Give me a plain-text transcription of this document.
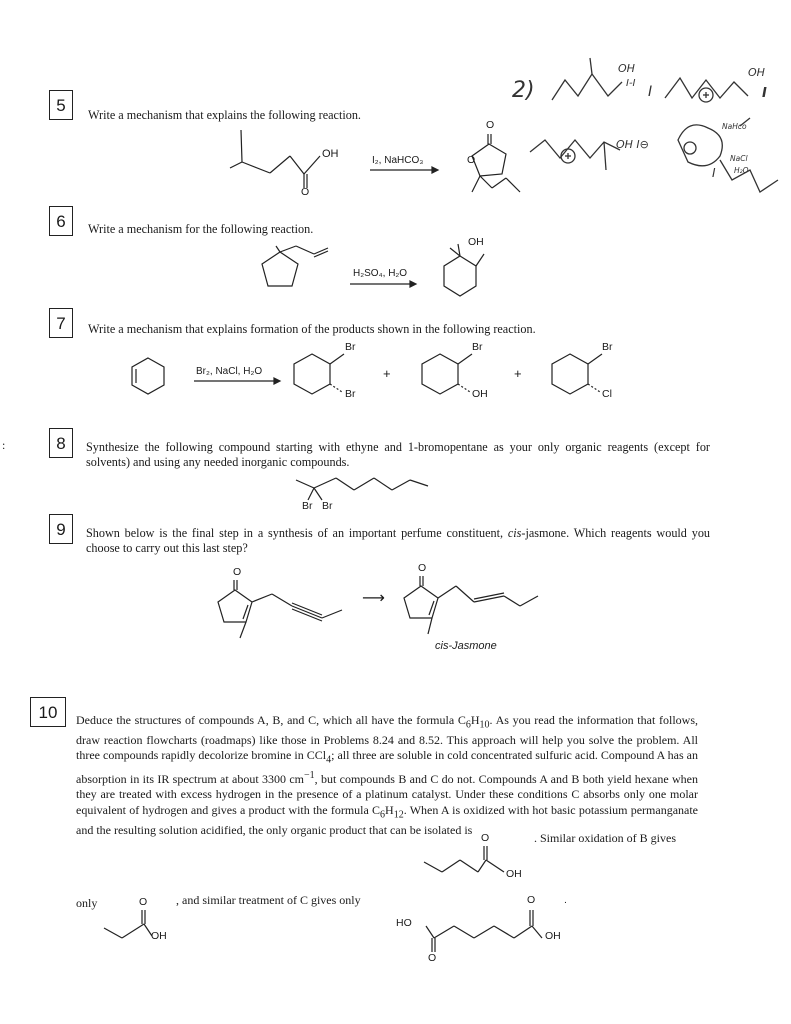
:
2)
OH
I-I
I
OH
I
OH I⊖
NaHco
NaCl
H₂O
I
5
Write a mechanism that explains the following reaction.
OH
O
I₂, NaHCO₃
O
O
6	Write a mechanism for the following reaction.
H₂SO₄, H₂O
OH
7	Write a mechanism that explains formation of the products shown in the following reaction.
Br₂, NaCl, H₂O
Br
Br
+
Br
OH
+
Br
Cl
8	Synthesize the following compound starting with ethyne and 1-bromopentane as your only organic reagents (except for solvents) and using any needed inorganic compounds.
Br Br
9	Shown below is the final step in a synthesis of an important perfume constituent, cis-jasmone. Which reagents would you choose to carry out this last step?
O
⟶
O
cis-Jasmone
10	Deduce the structures of compounds A, B, and C, which all have the formula $C_6H_{10}$. As you read the information that follows, draw reaction flowcharts (roadmaps) like those in Problems 8.24 and 8.52. This approach will help you solve the problem. All three compounds rapidly decolorize bromine in CCl$_4$; all three are soluble in cold concentrated sulfuric acid. Compound A has an absorption in its IR spectrum at about 3300 $cm^{-1}$, but compounds B and C do not. Compounds A and B both yield hexane when they are treated with excess hydrogen in the presence of a platinum catalyst. Under these conditions C absorbs only one molar equivalent of hydrogen and gives a product with the formula $C_6H_{12}$. When A is oxidized with hot basic potassium permanganate and the resulting solution acidified, the only organic product that can be isolated is
. Similar oxidation of B gives
O
OH
only	O
OH
, and similar treatment of C gives only	O	.
HO
O
OH
